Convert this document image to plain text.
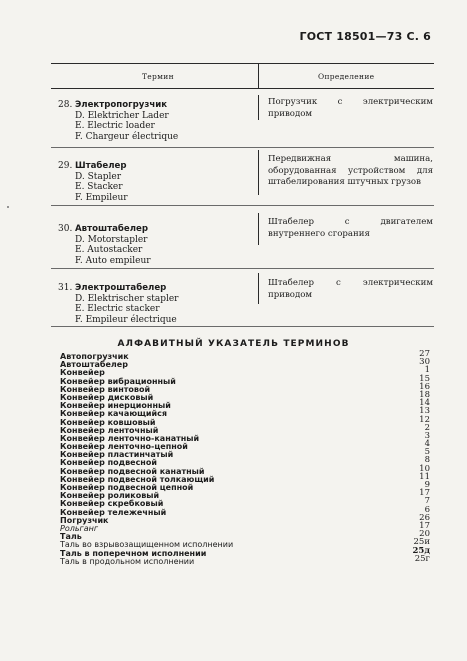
ГОСТ 18501—73 С. 6
Термин	Определение
28. Электропогрузчик
D. Elektricher Lader
E. Electric loader
F. Chargeur électrique
Погрузчик с электрическим приводом
29. Штабелер
D. Stapler
E. Stacker
F. Empileur
Передвижная машина, оборудованная устройством для штабелирования штучных грузов
30. Автоштабелер
D. Motorstapler
E. Autostacker
F. Auto empileur
Штабелер с двигателем внутреннего сгорания
31. Электроштабелер
D. Elektrischer stapler
E. Electric stacker
F. Empileur électrique
Штабелер с электрическим приводом
АЛФАВИТНЫЙ УКАЗАТЕЛЬ ТЕРМИНОВ
Автопогрузчик	27
Автоштабелер	30
Конвейер	1
Конвейер вибрационный	15
Конвейер винтовой	16
Конвейер дисковый	18
Конвейер инерционный	14
Конвейер качающийся	13
Конвейер ковшовый	12
Конвейер ленточный	2
Конвейер ленточно-канатный	3
Конвейер ленточно-цепной	4
Конвейер пластинчатый	5
Конвейер подвесной	8
Конвейер подвесной канатный	10
Конвейер подвесной толкающий	11
Конвейер подвесной цепной	9
Конвейер роликовый	17
Конвейер скребковый	7
Конвейер тележечный	6
Погрузчик	26
Рольганг	17
Таль	20
Таль во взрывозащищенном исполнении	25и
Таль в поперечном исполнении	25д
Таль в продольном исполнении	25г
